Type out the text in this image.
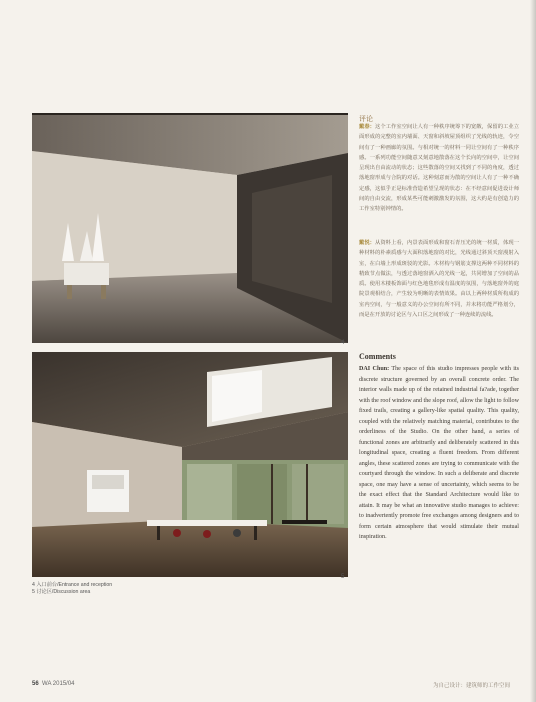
4
5
4 入口前台/Entrance and reception
5 讨论区/Discussion area
评论
戴春：这个工作室空间让人有一种秩序统筹下的宽敞，保留的工业立面形成的完整的室内墙面、天窗和斜坡屋顶组织了光线的轨迹，令空间有了一种画廊的氛围。与相对统一的材料一同让空间有了一种秩序感。一系列功能空间随意又刻意地散落在这个长向的空间中，让空间呈现出自由流动的状态；这些散落的空间又找到了不同的角度，透过落地窗形成与合院的对话。这种刻意而为散的空间让人有了一种不确定感，这似乎正是标准营造希望呈现的状态：在不经意间促进设计师间的自由交流，形成某些可能刺激激发的氛围，这大约是有创造力的工作室特别钟情的。
戴悦：从资料上看，内景表面形成和窗石青压光的统一材质，体现一种材料的朴素质感与大面积落地窗的对比，光线通过斜顶天窗漫射入室，在白墙上形成斑驳的光影。木材构与钢筋支撑这两种不同材料的精致节点做法，与透过落地窗洒入的光线一起，共同增加了空间的品质。使用木楼板饰面与红色地毯形成有温度的氛围，与落地窗外的庭院景观相结合，产生较为明晰的表情效果。由以上两种材质所构成的室内空间，与一般意义的办公空间有所不同，并未将功能严格划分，而是在开放的讨论区与入口区之间形成了一种连续的流线。
Comments
DAI Chun: The space of this studio impresses people with its discrete structure governed by an overall concrete order. The interior walls made up of the retained industrial fa?ade, together with the roof window and the slope roof, allow the light to follow fixed trails, creating a gallery-like spatial quality. This quality, coupled with the relatively matching material, contributes to the orderliness of the Studio. On the other hand, a series of functional zones are arbitrarily and deliberately scattered in this longitudinal space, creating a fluent freedom. From different angles, these scattered zones are trying to communicate with the courtyard through the window. In such a deliberate and discrete space, one may have a sense of uncertainty, which seems to be the exact effect that the Standard Architecture would like to attain. It may be what an innovative studio manages to achieve: to inadvertently promote free exchanges among designers and to form certain atmosphere that would stimulate their mutual inspiration.
56 WA 2015/04	为自己设计：建筑师的工作空间
